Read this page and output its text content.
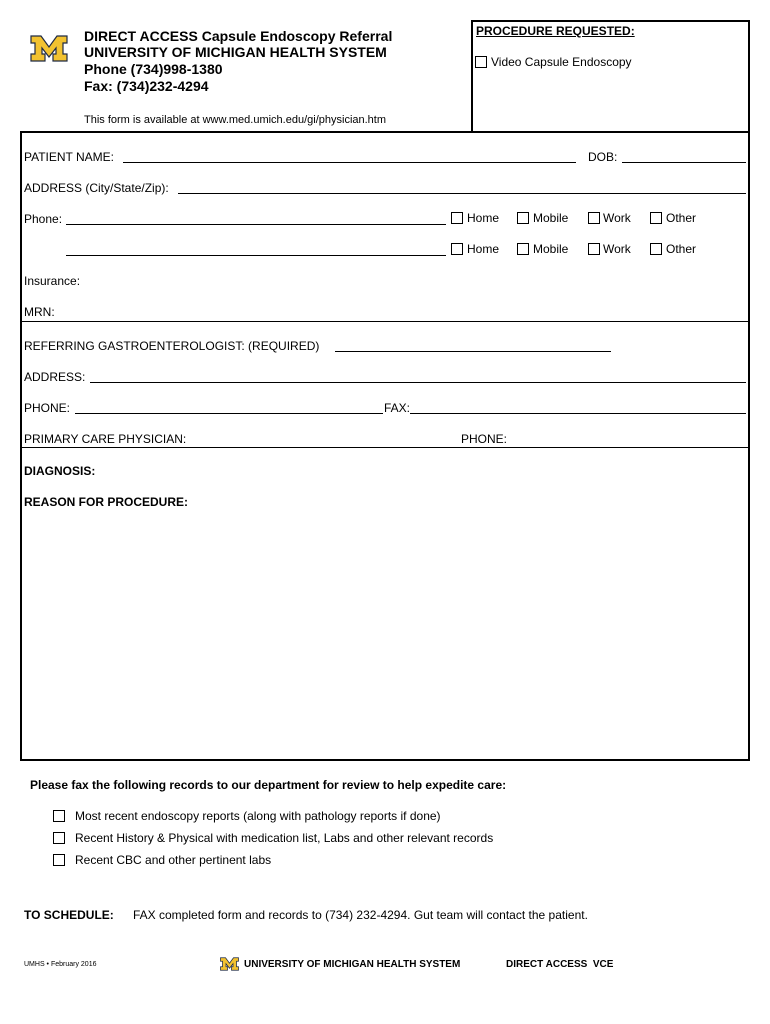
DIRECT ACCESS Capsule Endoscopy Referral
UNIVERSITY OF MICHIGAN HEALTH SYSTEM
Phone (734)998-1380
Fax: (734)232-4294
This form is available at www.med.umich.edu/gi/physician.htm
PROCEDURE REQUESTED:
Video Capsule Endoscopy
PATIENT NAME:	DOB:
ADDRESS (City/State/Zip):
Phone:	Home	Mobile	Work	Other
Home	Mobile	Work	Other
Insurance:
MRN:
REFERRING GASTROENTEROLOGIST: (REQUIRED)
ADDRESS:
PHONE:	FAX:
PRIMARY CARE PHYSICIAN:	PHONE:
DIAGNOSIS:
REASON FOR PROCEDURE:
Please fax the following records to our department for review to help expedite care:
Most recent endoscopy reports (along with pathology reports if done)
Recent History & Physical with medication list, Labs and other relevant records
Recent CBC and other pertinent labs
TO SCHEDULE: FAX completed form and records to (734) 232-4294. Gut team will contact the patient.
UMHS • February 2016	UNIVERSITY OF MICHIGAN HEALTH SYSTEM	DIRECT ACCESS  VCE
